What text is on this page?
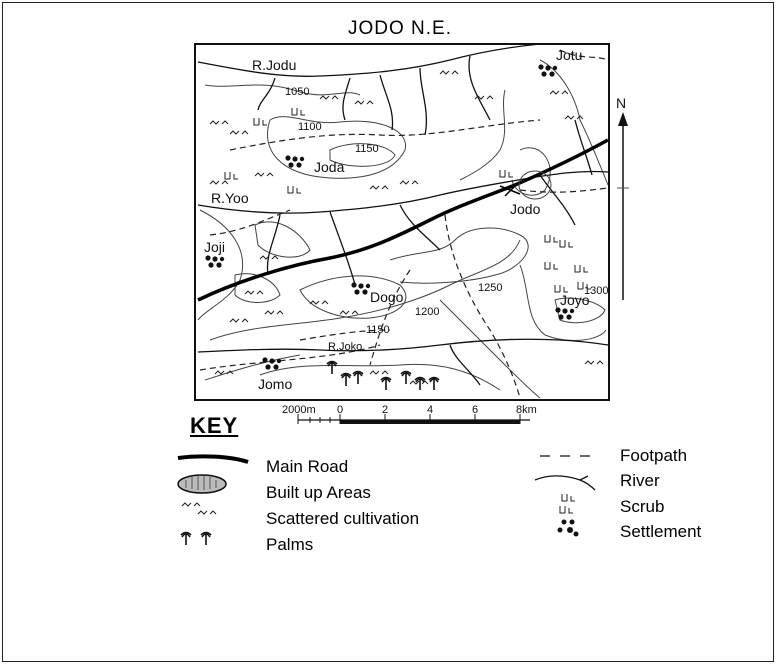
JODO N.E.
Jotu
Joda
Jodo
Joji
Dogo	Joyo
Jomo
R.Jodu
R.Yoo
R.Joko
1050
1100
1150
1200
1150
1250	1300
N
2000m 0	2	4	6	8km
KEY
Main Road
Built up Areas
Scattered cultivation
Palms
Footpath
River
Scrub
Settlement
